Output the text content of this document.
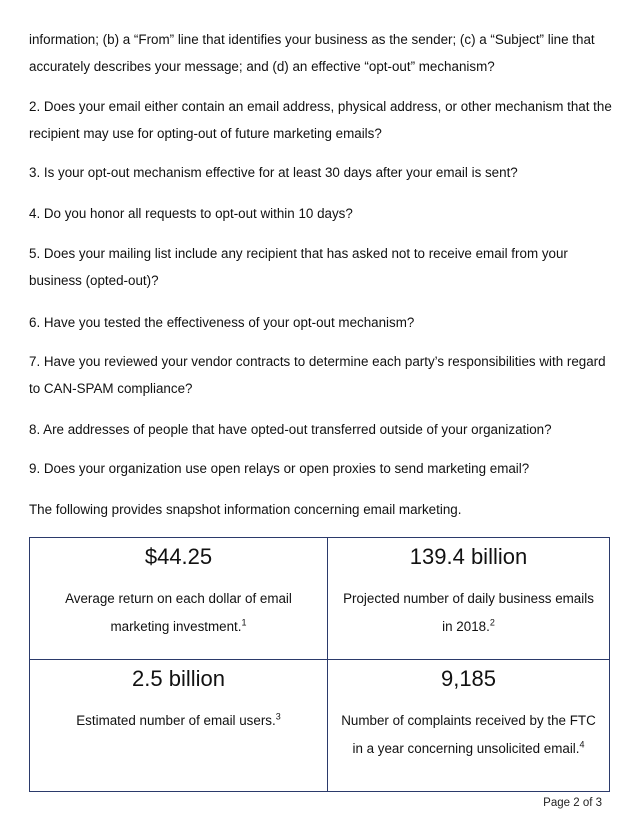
information; (b) a “From” line that identifies your business as the sender; (c) a “Subject” line that accurately describes your message; and (d) an effective “opt-out” mechanism?

2. Does your email either contain an email address, physical address, or other mechanism that the recipient may use for opting-out of future marketing emails?

3. Is your opt-out mechanism effective for at least 30 days after your email is sent?

4. Do you honor all requests to opt-out within 10 days?

5. Does your mailing list include any recipient that has asked not to receive email from your business (opted-out)?

6. Have you tested the effectiveness of your opt-out mechanism?

7. Have you reviewed your vendor contracts to determine each party’s responsibilities with regard to CAN-SPAM compliance?

8. Are addresses of people that have opted-out transferred outside of your organization?

9. Does your organization use open relays or open proxies to send marketing email?

The following provides snapshot information concerning email marketing.

$44.25
Average return on each dollar of email marketing investment.$^1$
139.4 billion
Projected number of daily business emails in 2018.$^2$
2.5 billion
Estimated number of email users.$^3$
9,185
Number of complaints received by the FTC in a year concerning unsolicited email.$^4$
Page 2 of 3
